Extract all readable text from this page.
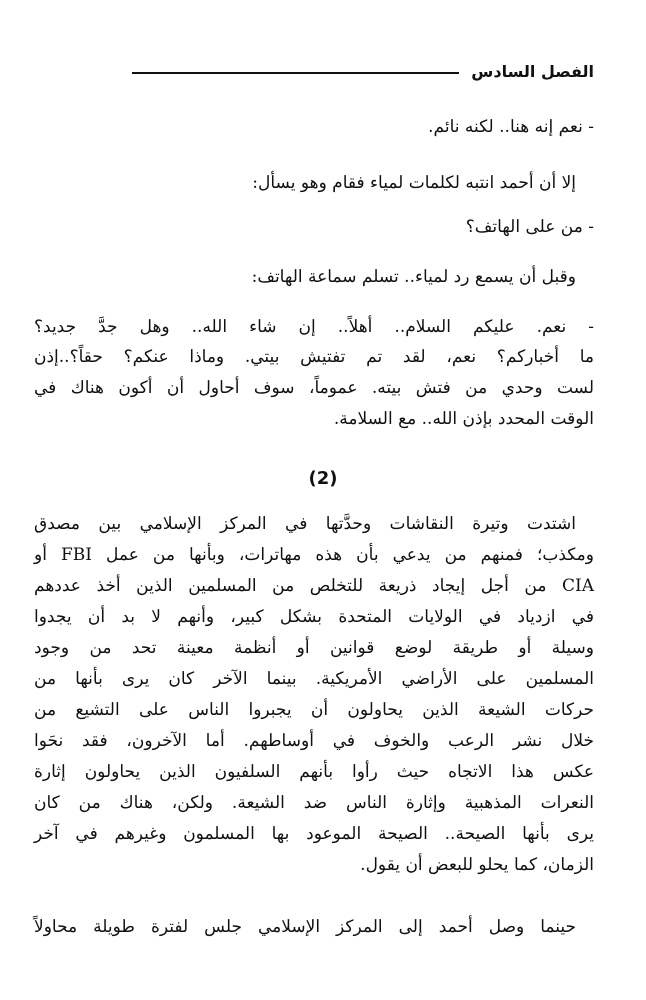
الفصل السادس
- نعم إنه هنا.. لكنه نائم.
إلا أن أحمد انتبه لكلمات لمياء فقام وهو يسأل:
- من على الهاتف؟
وقبل أن يسمع رد لمياء.. تسلم سماعة الهاتف:
- نعم. عليكم السلام.. أهلاً.. إن شاء الله.. وهل جدَّ جديد؟
ما أخباركم؟ نعم، لقد تم تفتيش بيتي. وماذا عنكم؟ حقاً؟..إذن
لست وحدي من فتش بيته. عموماً، سوف أحاول أن أكون هناك في
الوقت المحدد بإذن الله.. مع السلامة.
(2)
اشتدت وتيرة النقاشات وحدَّتها في المركز الإسلامي بين مصدق
ومكذب؛ فمنهم من يدعي بأن هذه مهاترات، وبأنها من عمل FBI أو
CIA من أجل إيجاد ذريعة للتخلص من المسلمين الذين أخذ عددهم
في ازدياد في الولايات المتحدة بشكل كبير، وأنهم لا بد أن يجدوا
وسيلة أو طريقة لوضع قوانين أو أنظمة معينة تحد من وجود
المسلمين على الأراضي الأمريكية. بينما الآخر كان يرى بأنها من
حركات الشيعة الذين يحاولون أن يجبروا الناس على التشيع من
خلال نشر الرعب والخوف في أوساطهم. أما الآخرون، فقد نحَوا
عكس هذا الاتجاه حيث رأوا بأنهم السلفيون الذين يحاولون إثارة
النعرات المذهبية وإثارة الناس ضد الشيعة. ولكن، هناك من كان
يرى بأنها الصيحة.. الصيحة الموعود بها المسلمون وغيرهم في آخر
الزمان، كما يحلو للبعض أن يقول.
حينما وصل أحمد إلى المركز الإسلامي جلس لفترة طويلة محاولاً
